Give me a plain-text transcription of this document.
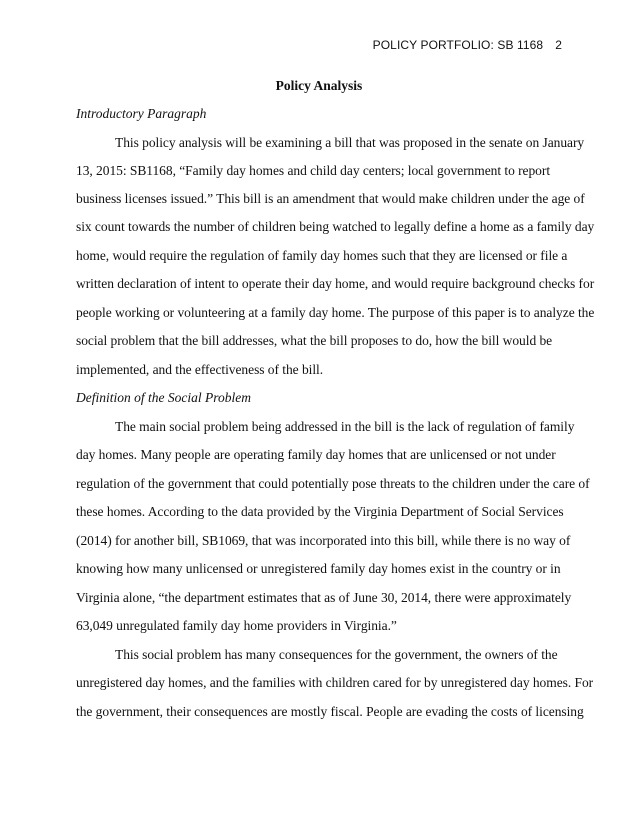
POLICY PORTFOLIO: SB 1168 2
Policy Analysis
Introductory Paragraph
This policy analysis will be examining a bill that was proposed in the senate on January
13, 2015: SB1168, “Family day homes and child day centers; local government to report
business licenses issued.” This bill is an amendment that would make children under the age of
six count towards the number of children being watched to legally define a home as a family day
home, would require the regulation of family day homes such that they are licensed or file a
written declaration of intent to operate their day home, and would require background checks for
people working or volunteering at a family day home. The purpose of this paper is to analyze the
social problem that the bill addresses, what the bill proposes to do, how the bill would be
implemented, and the effectiveness of the bill.
Definition of the Social Problem
The main social problem being addressed in the bill is the lack of regulation of family
day homes. Many people are operating family day homes that are unlicensed or not under
regulation of the government that could potentially pose threats to the children under the care of
these homes. According to the data provided by the Virginia Department of Social Services
(2014) for another bill, SB1069, that was incorporated into this bill, while there is no way of
knowing how many unlicensed or unregistered family day homes exist in the country or in
Virginia alone, “the department estimates that as of June 30, 2014, there were approximately
63,049 unregulated family day home providers in Virginia.”
This social problem has many consequences for the government, the owners of the
unregistered day homes, and the families with children cared for by unregistered day homes. For
the government, their consequences are mostly fiscal. People are evading the costs of licensing
